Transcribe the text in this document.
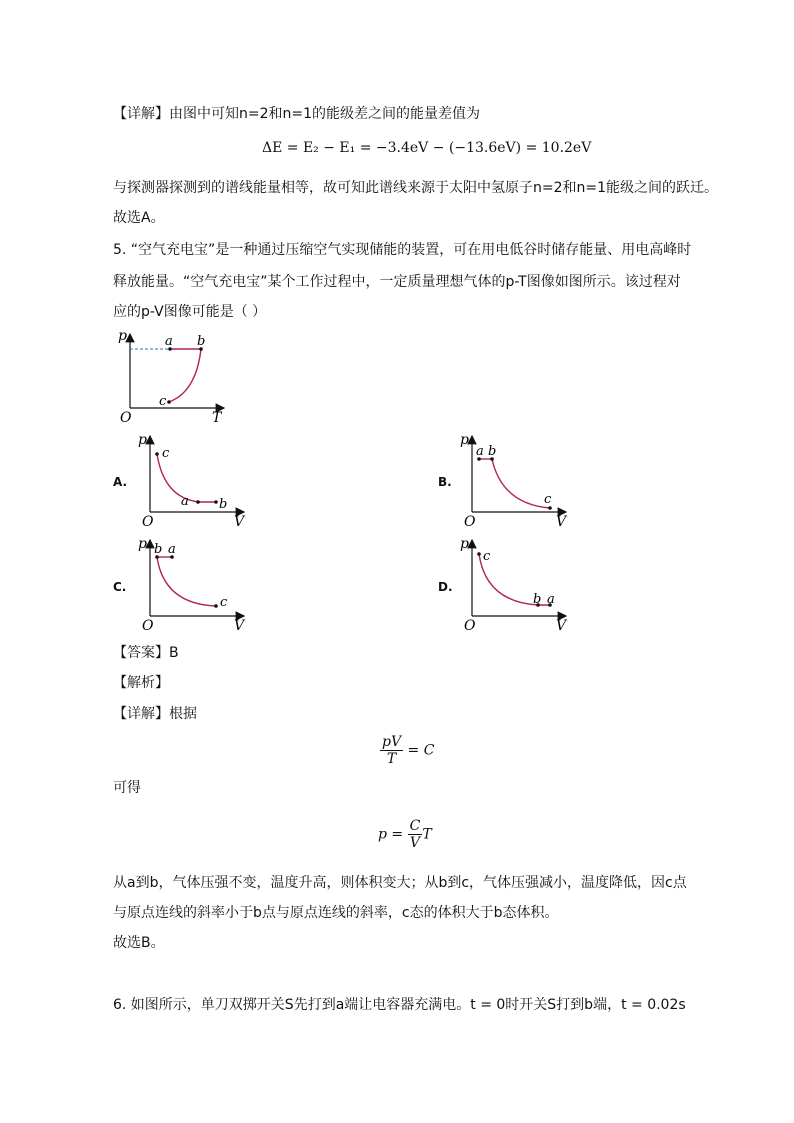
【详解】由图中可知n=2和n=1的能级差之间的能量差值为
ΔE = E₂ − E₁ = −3.4eV − (−13.6eV) = 10.2eV
与探测器探测到的谱线能量相等，故可知此谱线来源于太阳中氢原子n=2和n=1能级之间的跃迁。
故选A。
5. “空气充电宝”是一种通过压缩空气实现储能的装置，可在用电低谷时储存能量、用电高峰时
释放能量。“空气充电宝”某个工作过程中，一定质量理想气体的p-T图像如图所示。该过程对
应的p-V图像可能是（ ）
p
T
O
a b
c
A.
p
V
O
c
a b
B.
p
V
O
a b
c
C.
p
V
O
b a
c
D.
p
V
O
c
b a
【答案】B
【解析】
【详解】根据
$\frac{pV}{T} = C$
可得
$p = \frac{C}{V}$ T
从a到b，气体压强不变，温度升高，则体积变大；从b到c，气体压强减小，温度降低，因c点
与原点连线的斜率小于b点与原点连线的斜率，c态的体积大于b态体积。
故选B。
6. 如图所示，单刀双掷开关S先打到a端让电容器充满电。t = 0时开关S打到b端，t = 0.02s
